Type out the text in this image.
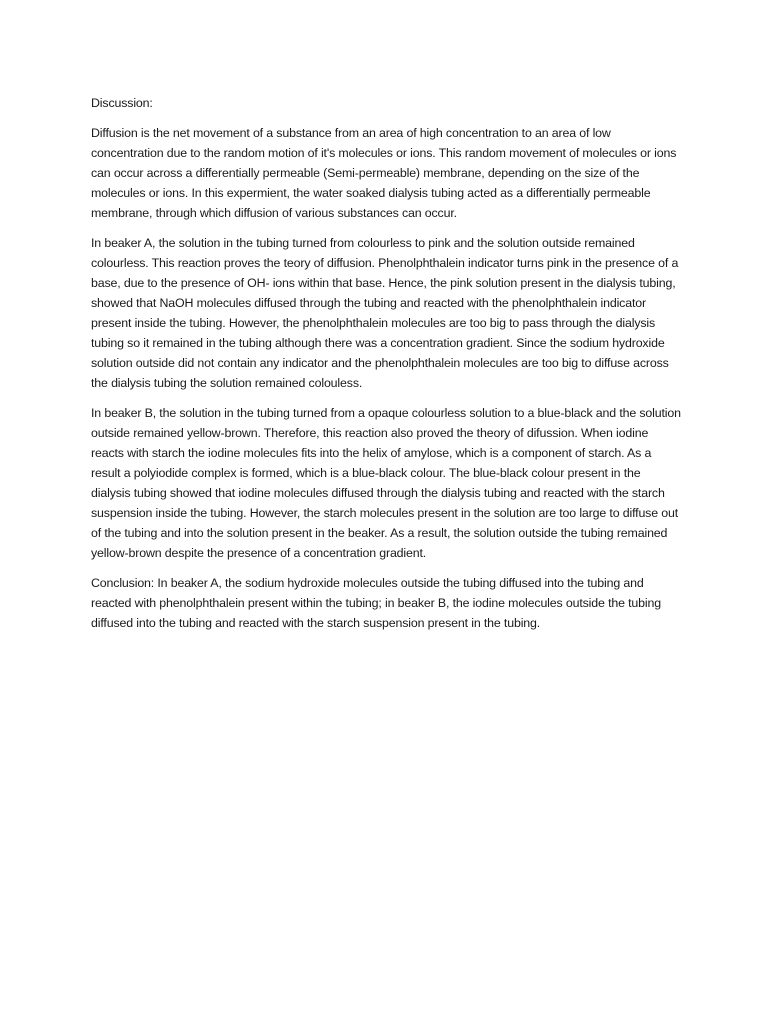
Discussion:

Diffusion is the net movement of a substance from an area of high concentration to an area of low concentration due to the random motion of it's molecules or ions. This random movement of molecules or ions can occur across a differentially permeable (Semi-permeable) membrane, depending on the size of the molecules or ions. In this expermient, the water soaked dialysis tubing acted as a differentially permeable membrane, through which diffusion of various substances can occur.

In beaker A, the solution in the tubing turned from colourless to pink and the solution outside remained colourless. This reaction proves the teory of diffusion. Phenolphthalein indicator turns pink in the presence of a base, due to the presence of OH- ions within that base. Hence, the pink solution present in the dialysis tubing, showed that NaOH molecules diffused through the tubing and reacted with the phenolphthalein indicator present inside the tubing. However, the phenolphthalein molecules are too big to pass through the dialysis tubing so it remained in the tubing although there was a concentration gradient. Since the sodium hydroxide solution outside did not contain any indicator and the phenolphthalein molecules are too big to diffuse across the dialysis tubing the solution remained colouless.

In beaker B, the solution in the tubing turned from a opaque colourless solution to a blue-black and the solution outside remained yellow-brown. Therefore, this reaction also proved the theory of difussion. When iodine reacts with starch the iodine molecules fits into the helix of amylose, which is a component of starch. As a result a polyiodide complex is formed, which is a blue-black colour. The blue-black colour present in the dialysis tubing showed that iodine molecules diffused through the dialysis tubing and reacted with the starch suspension inside the tubing. However, the starch molecules present in the solution are too large to diffuse out of the tubing and into the solution present in the beaker. As a result, the solution outside the tubing remained yellow-brown despite the presence of a concentration gradient.

Conclusion: In beaker A, the sodium hydroxide molecules outside the tubing diffused into the tubing and reacted with phenolphthalein present within the tubing; in beaker B, the iodine molecules outside the tubing diffused into the tubing and reacted with the starch suspension present in the tubing.
